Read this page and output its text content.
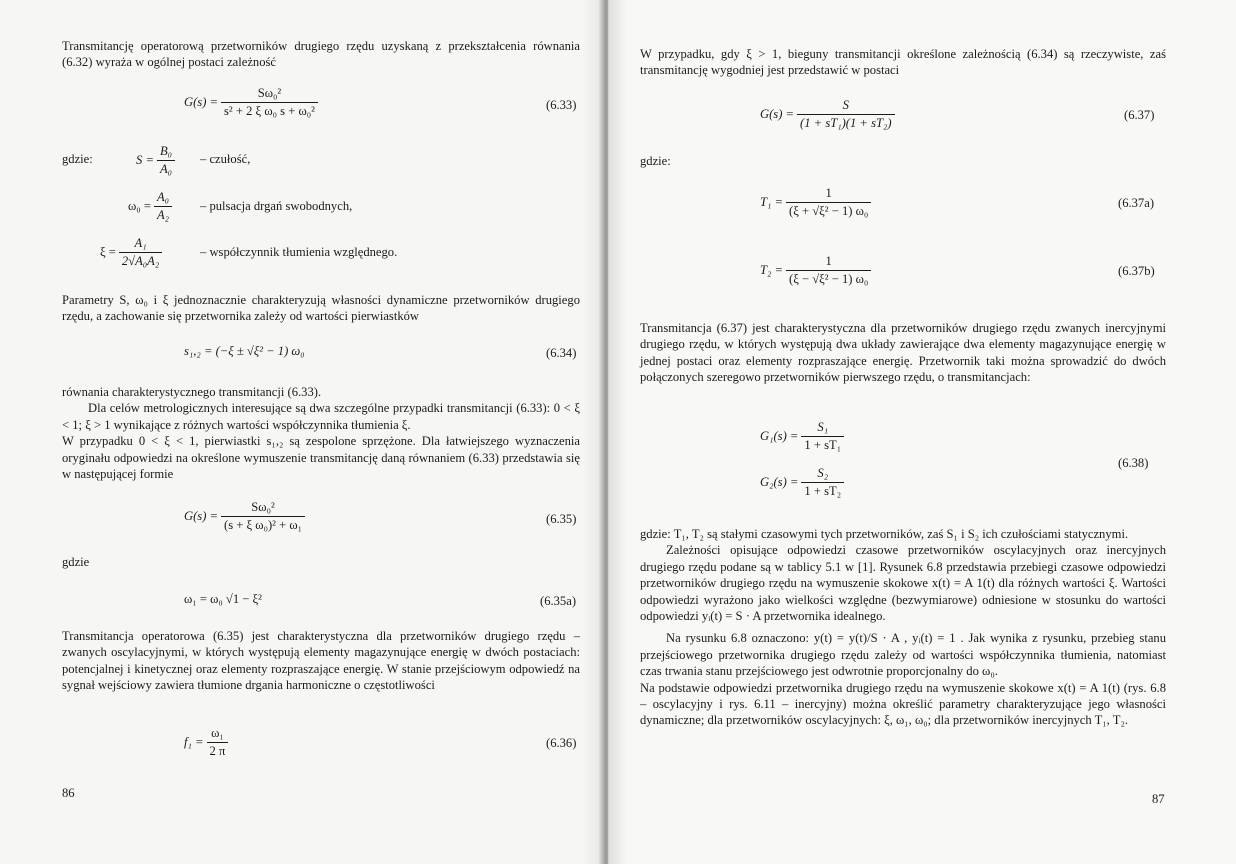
Transmitancję operatorową przetworników drugiego rzędu uzyskaną z przekształcenia równania (6.32) wyraża w ogólnej postaci zależność

$G(s) = \frac{\text{Sω₀²}}{\text{s² + 2 ξ ω₀ s + ω₀²}}$	(6.33)
gdzie:	$S = \frac{\text{B₀}}{\text{A₀}}$ – czułość,
$\omega_0 = \frac{\text{A₀}}{\text{A₂}}$ – pulsacja drgań swobodnych,
$\xi = \frac{\text{A₁}}{\text{2√A₀A₂}}$	– współczynnik tłumienia względnego.

Parametry S, ω₀ i ξ jednoznacznie charakteryzują własności dynamiczne przetworników drugiego rzędu, a zachowanie się przetwornika zależy od wartości pierwiastków

s₁,₂ = (−ξ ± √ξ² − 1) ω₀	(6.34)

równania charakterystycznego transmitancji (6.33).

Dla celów metrologicznych interesujące są dwa szczególne przypadki transmitancji (6.33): 0 < ξ < 1; ξ > 1 wynikające z różnych wartości współczynnika tłumienia ξ.

W przypadku 0 < ξ < 1, pierwiastki s₁,₂ są zespolone sprzężone. Dla łatwiejszego wyznaczenia oryginału odpowiedzi na określone wymuszenie transmitancję daną równaniem (6.33) przedstawia się w następującej formie

$G(s) = \frac{\text{Sω₀²}}{\text{(s + ξ ω₀)² + ω₁}}$	(6.35)
gdzie
ω₁ = ω₀ √1 − ξ²	(6.35a)

Transmitancja operatorowa (6.35) jest charakterystyczna dla przetworników drugiego rzędu – zwanych oscylacyjnymi, w których występują elementy magazynujące energię w dwóch postaciach: potencjalnej i kinetycznej oraz elementy rozpraszające energię. W stanie przejściowym odpowiedź na sygnał wejściowy zawiera tłumione drgania harmoniczne o częstotliwości

$f_1 = \frac{\text{ω₁}}{2 \pi}$	(6.36)
86

W przypadku, gdy ξ > 1, bieguny transmitancji określone zależnością (6.34) są rzeczywiste, zaś transmitancję wygodniej jest przedstawić w postaci

$G(s) = \frac{S}{\text{(1 + sT₁)(1 + sT₂)}}$	(6.37)
gdzie:
$T_1 = \frac{1}{\text{(ξ + √ξ² − 1) ω₀}}$	(6.37a)
$T_2 = \frac{1}{\text{(ξ − √ξ² − 1) ω₀}}$	(6.37b)

Transmitancja (6.37) jest charakterystyczna dla przetworników drugiego rzędu zwanych inercyjnymi drugiego rzędu, w których występują dwa układy zawierające dwa elementy magazynujące energię w jednej postaci oraz elementy rozpraszające energię. Przetwornik taki można sprowadzić do dwóch połączonych szeregowo przetworników pierwszego rzędu, o transmitancjach:

$G_1(s) = \frac{\text{S₁}}{\text{1 + sT₁}}$
$G_2(s) = \frac{\text{S₂}}{\text{1 + sT₂}}$
(6.38)

gdzie: T₁, T₂ są stałymi czasowymi tych przetworników, zaś S₁ i S₂ ich czułościami statycznymi.

Zależności opisujące odpowiedzi czasowe przetworników oscylacyjnych oraz inercyjnych drugiego rzędu podane są w tablicy 5.1 w [1]. Rysunek 6.8 przedstawia przebiegi czasowe odpowiedzi przetworników drugiego rzędu na wymuszenie skokowe x(t) = A 1(t) dla różnych wartości ξ. Wartości odpowiedzi wyrażono jako wielkości względne (bezwymiarowe) odniesione w stosunku do wartości odpowiedzi yᵢ(t) = S · A przetwornika idealnego.

Na rysunku 6.8 oznaczono: y(t) = y(t)/S · A , yᵢ(t) = 1 . Jak wynika z rysunku, przebieg stanu przejściowego przetwornika drugiego rzędu zależy od wartości współczynnika tłumienia, natomiast czas trwania stanu przejściowego jest odwrotnie proporcjonalny do ω₀.

Na podstawie odpowiedzi przetwornika drugiego rzędu na wymuszenie skokowe x(t) = A 1(t) (rys. 6.8 – oscylacyjny i rys. 6.11 – inercyjny) można określić parametry charakteryzujące jego własności dynamiczne; dla przetworników oscylacyjnych: ξ, ω₁, ω₀; dla przetworników inercyjnych T₁, T₂.

87
